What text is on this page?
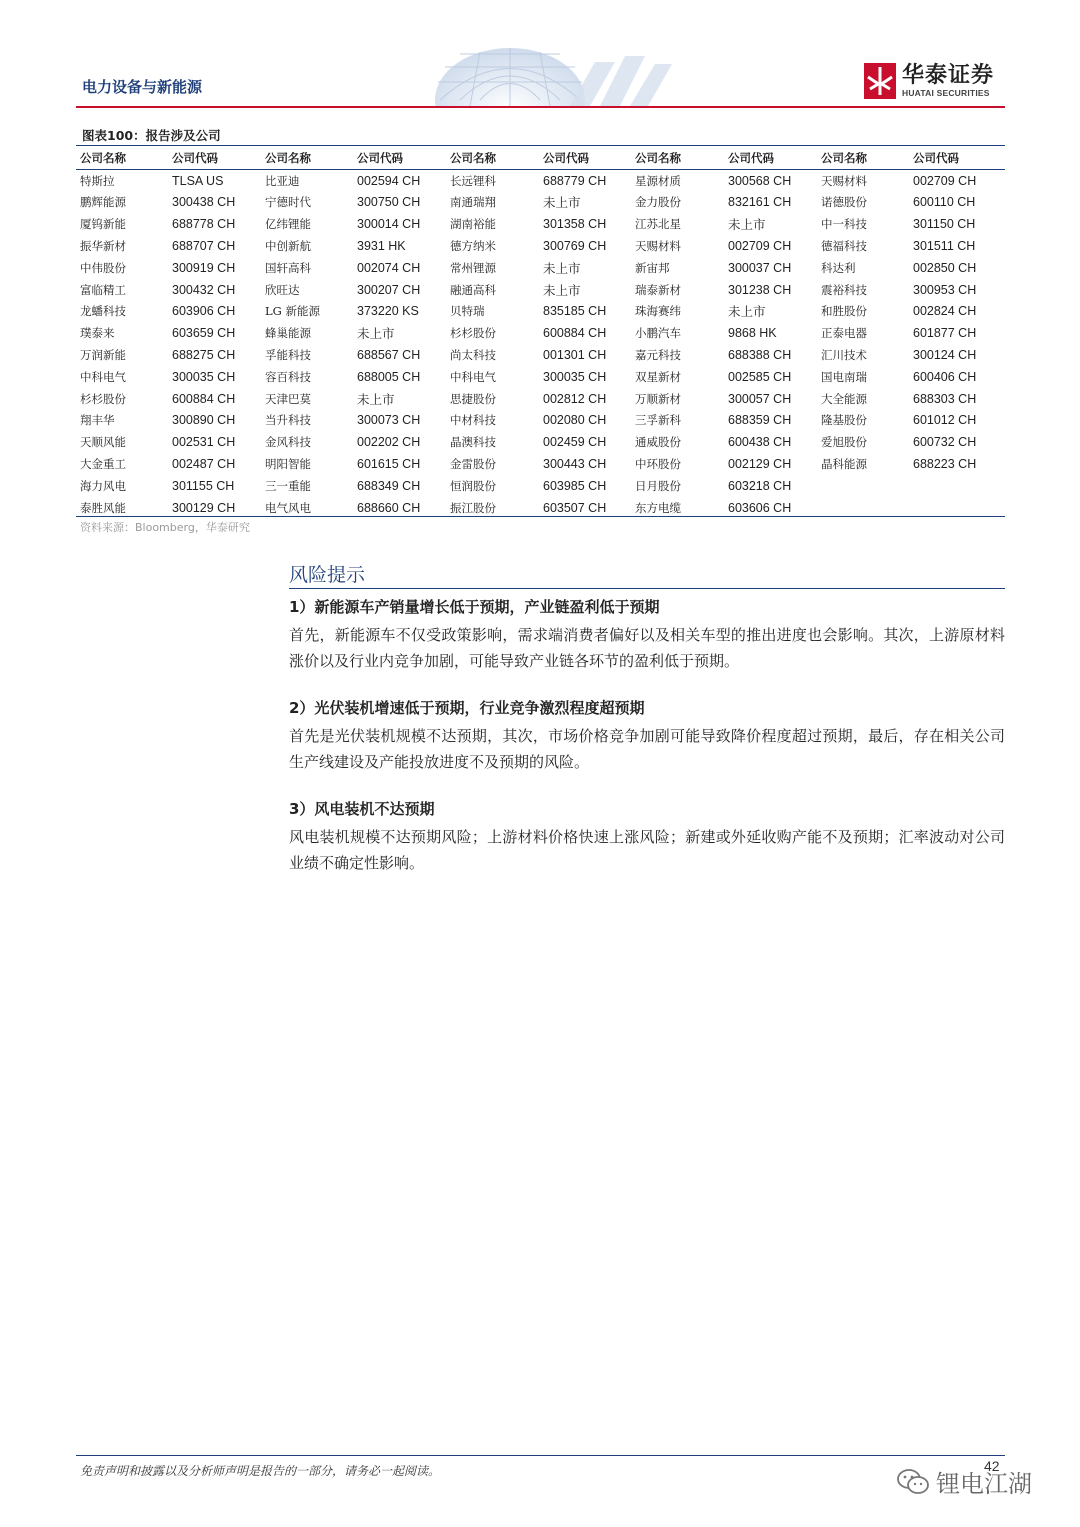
电力设备与新能源	华泰证券
HUATAI SECURITIES
图表100：报告涉及公司
公司名称	公司代码	公司名称	公司代码	公司名称	公司代码	公司名称	公司代码	公司名称	公司代码
特斯拉	TLSA US	比亚迪	002594 CH	长远锂科	688779 CH	星源材质	300568 CH	天赐材料	002709 CH
鹏辉能源	300438 CH	宁德时代	300750 CH	南通瑞翔	未上市	金力股份	832161 CH	诺德股份	600110 CH
厦钨新能	688778 CH	亿纬锂能	300014 CH	湖南裕能	301358 CH	江苏北星	未上市	中一科技	301150 CH
振华新材	688707 CH	中创新航	3931 HK	德方纳米	300769 CH	天赐材料	002709 CH	德福科技	301511 CH
中伟股份	300919 CH	国轩高科	002074 CH	常州锂源	未上市	新宙邦	300037 CH	科达利	002850 CH
富临精工	300432 CH	欣旺达	300207 CH	融通高科	未上市	瑞泰新材	301238 CH	震裕科技	300953 CH
龙蟠科技	603906 CH	LG 新能源	373220 KS	贝特瑞	835185 CH	珠海赛纬	未上市	和胜股份	002824 CH
璞泰来	603659 CH	蜂巢能源	未上市	杉杉股份	600884 CH	小鹏汽车	9868 HK	正泰电器	601877 CH
万润新能	688275 CH	孚能科技	688567 CH	尚太科技	001301 CH	嘉元科技	688388 CH	汇川技术	300124 CH
中科电气	300035 CH	容百科技	688005 CH	中科电气	300035 CH	双星新材	002585 CH	国电南瑞	600406 CH
杉杉股份	600884 CH	天津巴莫	未上市	思捷股份	002812 CH	万顺新材	300057 CH	大全能源	688303 CH
翔丰华	300890 CH	当升科技	300073 CH	中材科技	002080 CH	三孚新科	688359 CH	隆基股份	601012 CH
天顺风能	002531 CH	金风科技	002202 CH	晶澳科技	002459 CH	通威股份	600438 CH	爱旭股份	600732 CH
大金重工	002487 CH	明阳智能	601615 CH	金雷股份	300443 CH	中环股份	002129 CH	晶科能源	688223 CH
海力风电	301155 CH	三一重能	688349 CH	恒润股份	603985 CH	日月股份	603218 CH		
泰胜风能	300129 CH	电气风电	688660 CH	振江股份	603507 CH	东方电缆	603606 CH		
资料来源：Bloomberg，华泰研究
风险提示
1）新能源车产销量增长低于预期，产业链盈利低于预期

首先，新能源车不仅受政策影响，需求端消费者偏好以及相关车型的推出进度也会影响。其次，上游原材料涨价以及行业内竞争加剧，可能导致产业链各环节的盈利低于预期。

2）光伏装机增速低于预期，行业竞争激烈程度超预期

首先是光伏装机规模不达预期，其次，市场价格竞争加剧可能导致降价程度超过预期，最后，存在相关公司生产线建设及产能投放进度不及预期的风险。

3）风电装机不达预期

风电装机规模不达预期风险；上游材料价格快速上涨风险；新建或外延收购产能不及预期；汇率波动对公司业绩不确定性影响。

免责声明和披露以及分析师声明是报告的一部分，请务必一起阅读。	42
锂电江湖
